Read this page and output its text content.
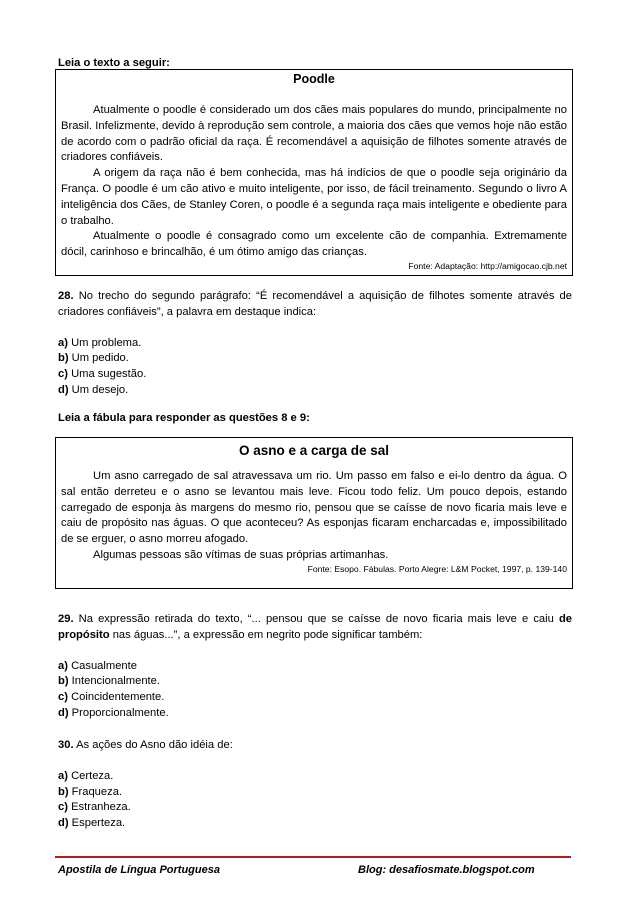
Leia o texto a seguir:

Poodle

Atualmente o poodle é considerado um dos cães mais populares do mundo, principalmente no Brasil. Infelizmente, devido à reprodução sem controle, a maioria dos cães que vemos hoje não estão de acordo com o padrão oficial da raça. É recomendável a aquisição de filhotes somente através de criadores confiáveis.

A origem da raça não é bem conhecida, mas há indícios de que o poodle seja originário da França. O poodle é um cão ativo e muito inteligente, por isso, de fácil treinamento. Segundo o livro A inteligência dos Cães, de Stanley Coren, o poodle é a segunda raça mais inteligente e obediente para o trabalho.

Atualmente o poodle é consagrado como um excelente cão de companhia. Extremamente dócil, carinhoso e brincalhão, é um ótimo amigo das crianças.

Fonte: Adaptação: http://amigocao.cjb.net

28. No trecho do segundo parágrafo: “É recomendável a aquisição de filhotes somente através de criadores confiáveis”, a palavra em destaque indica:

a) Um problema.

b) Um pedido.

c) Uma sugestão.

d) Um desejo.

Leia a fábula para responder as questões 8 e 9:

O asno e a carga de sal

Um asno carregado de sal atravessava um rio. Um passo em falso e ei-lo dentro da água. O sal então derreteu e o asno se levantou mais leve. Ficou todo feliz. Um pouco depois, estando carregado de esponja às margens do mesmo rio, pensou que se caísse de novo ficaria mais leve e caiu de propósito nas águas. O que aconteceu? As esponjas ficaram encharcadas e, impossibilitado de se erguer, o asno morreu afogado.

Algumas pessoas são vítimas de suas próprias artimanhas.

Fonte: Esopo. Fábulas. Porto Alegre: L&M Pocket, 1997, p. 139-140

29. Na expressão retirada do texto, “... pensou que se caísse de novo ficaria mais leve e caiu de propósito nas águas...”, a expressão em negrito pode significar também:

a) Casualmente

b) Intencionalmente.

c) Coincidentemente.

d) Proporcionalmente.

30. As ações do Asno dão idéia de:

a) Certeza.

b) Fraqueza.

c) Estranheza.

d) Esperteza.

Apostila de Língua Portuguesa	Blog: desafiosmate.blogspot.com
